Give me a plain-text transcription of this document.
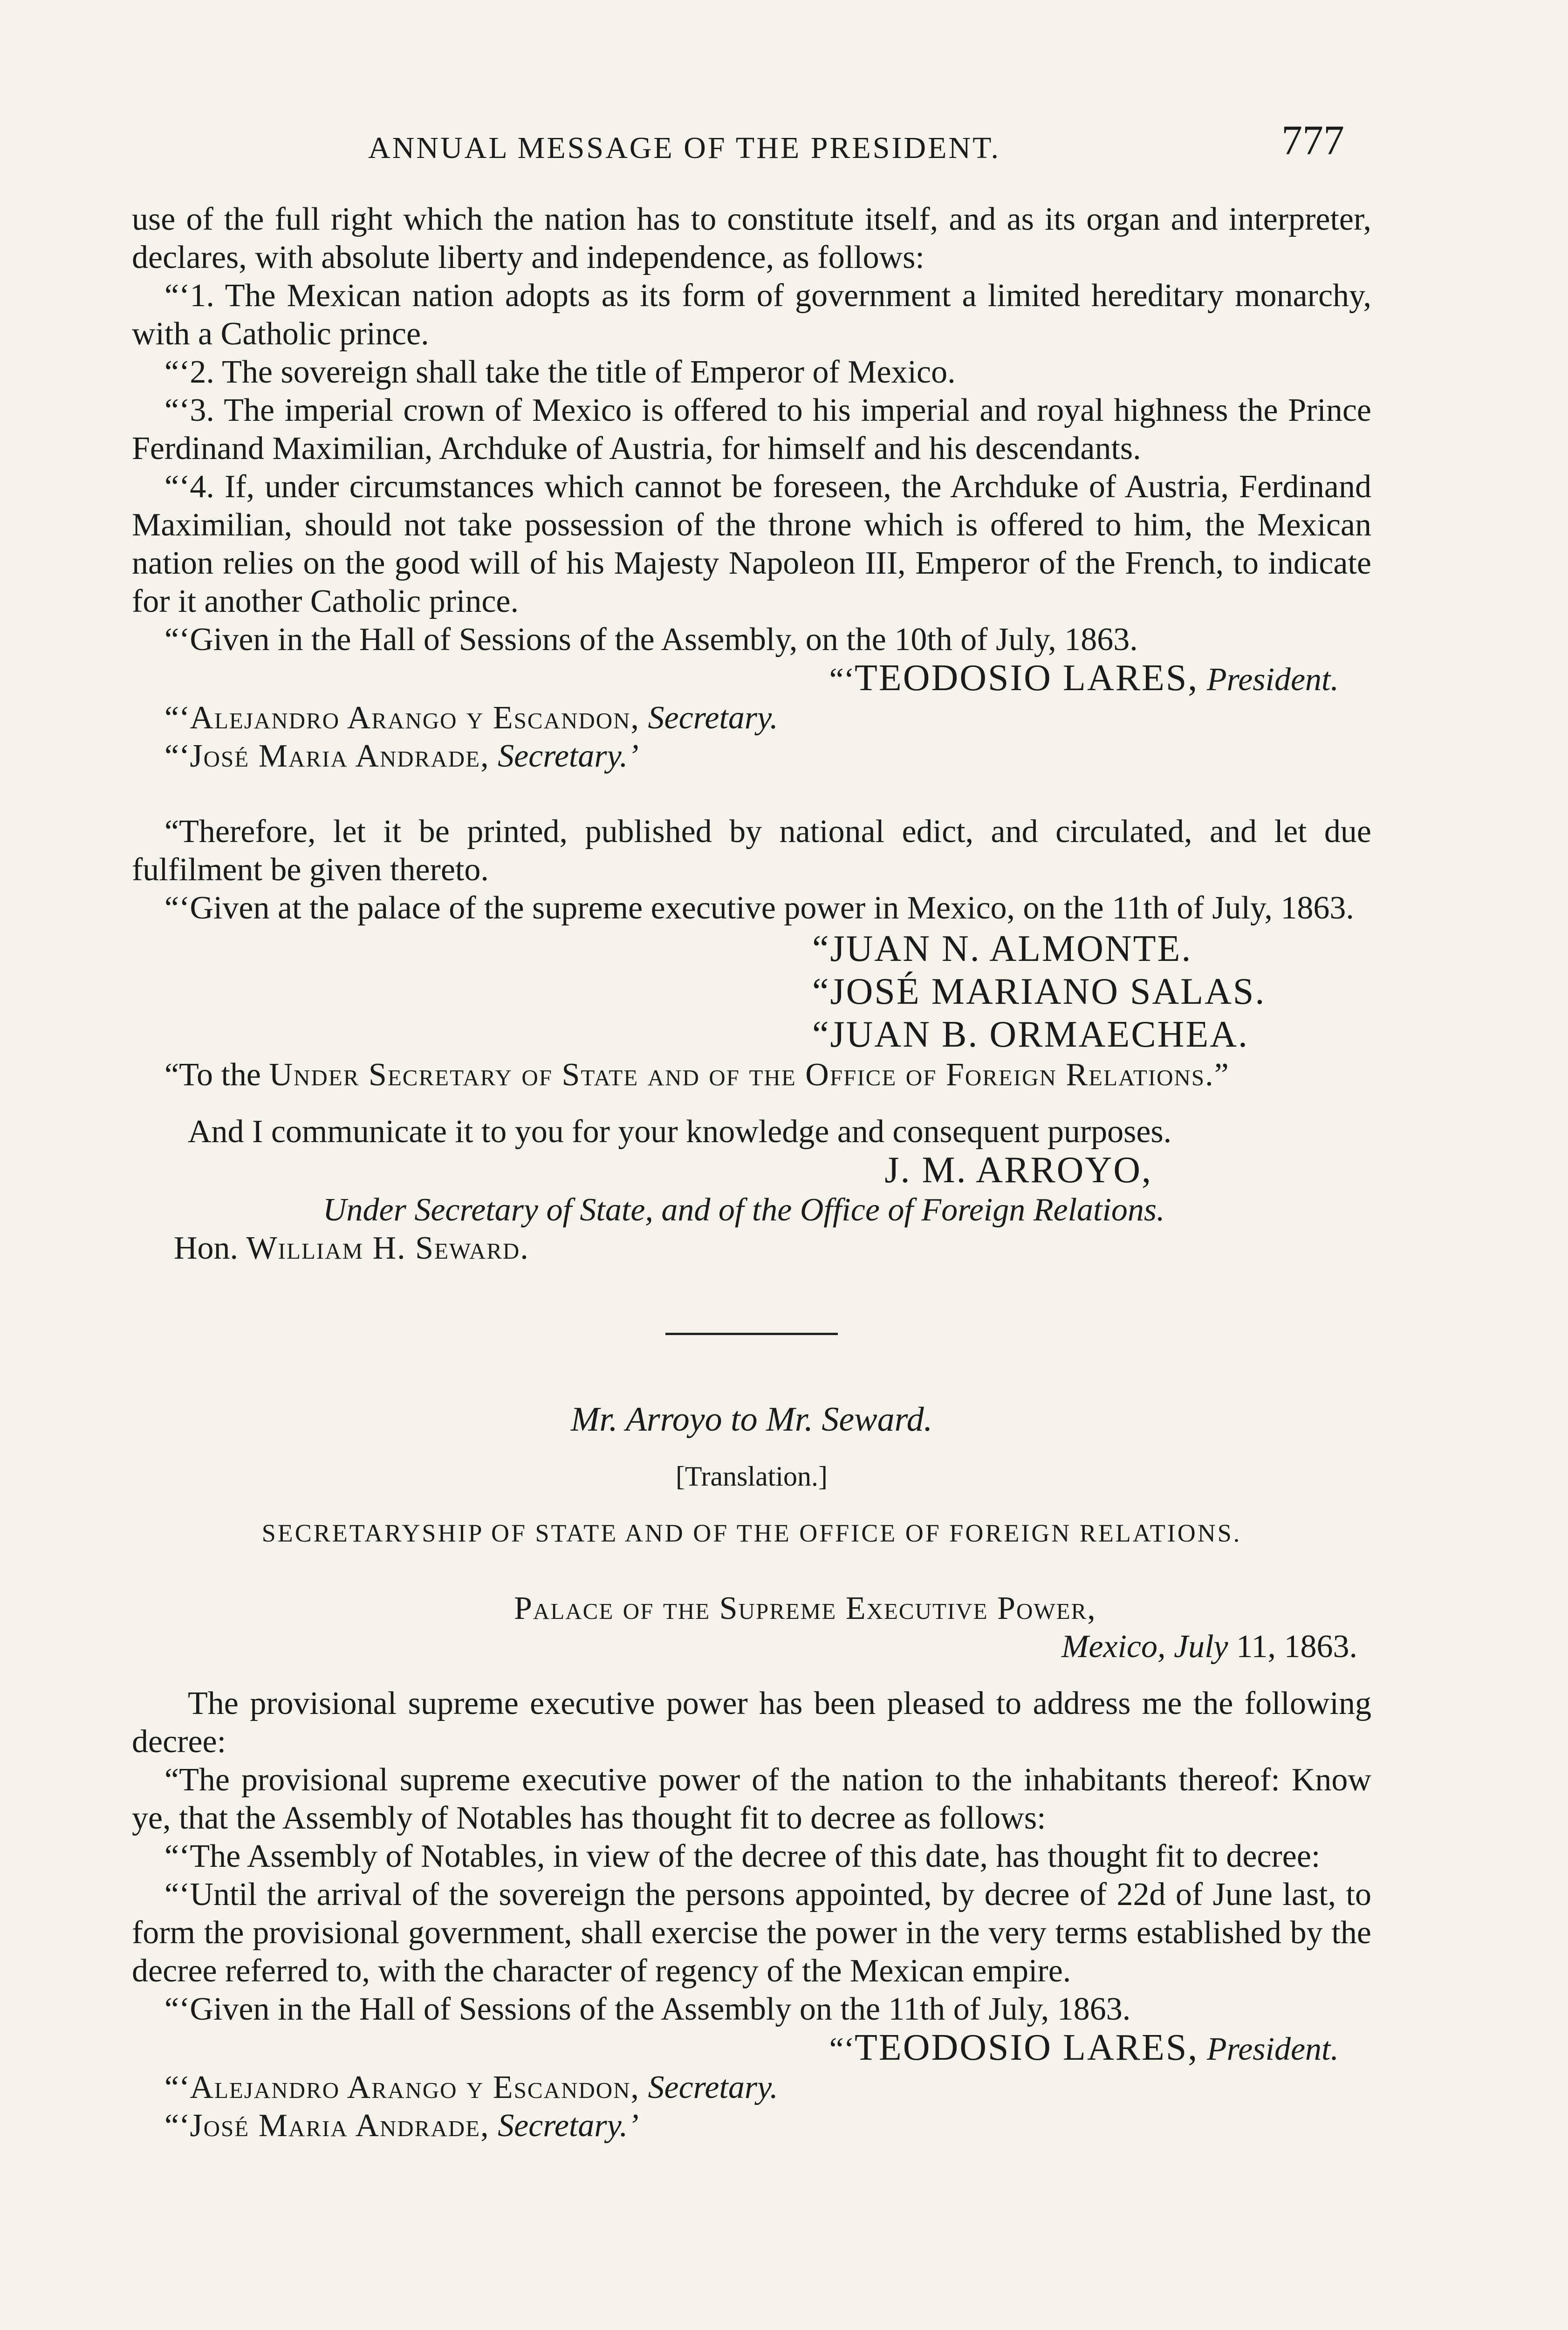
ANNUAL MESSAGE OF THE PRESIDENT.	777

use of the full right which the nation has to constitute itself, and as its organ and interpreter, declares, with absolute liberty and independence, as follows:

“‘1. The Mexican nation adopts as its form of government a limited hereditary monarchy, with a Catholic prince.

“‘2. The sovereign shall take the title of Emperor of Mexico.

“‘3. The imperial crown of Mexico is offered to his imperial and royal highness the Prince Ferdinand Maximilian, Archduke of Austria, for himself and his descendants.

“‘4. If, under circumstances which cannot be foreseen, the Archduke of Austria, Ferdinand Maximilian, should not take possession of the throne which is offered to him, the Mexican nation relies on the good will of his Majesty Napoleon III, Emperor of the French, to indicate for it another Catholic prince.

“‘Given in the Hall of Sessions of the Assembly, on the 10th of July, 1863.

“‘TEODOSIO LARES, President.

“‘Alejandro Arango y Escandon, Secretary.

“‘José Maria Andrade, Secretary.’

“Therefore, let it be printed, published by national edict, and circulated, and let due fulfilment be given thereto.

“‘Given at the palace of the supreme executive power in Mexico, on the 11th of July, 1863.

“JUAN N. ALMONTE.
“JOSÉ MARIANO SALAS.
“JUAN B. ORMAECHEA.

“To the Under Secretary of State and of the Office of Foreign Relations.”

And I communicate it to you for your knowledge and consequent purposes.

J. M. ARROYO,

Under Secretary of State, and of the Office of Foreign Relations.

Hon. William H. Seward.

Mr. Arroyo to Mr. Seward.

[Translation.]

SECRETARYSHIP OF STATE AND OF THE OFFICE OF FOREIGN RELATIONS.

Palace of the Supreme Executive Power,

Mexico, July 11, 1863.

The provisional supreme executive power has been pleased to address me the following decree:

“The provisional supreme executive power of the nation to the inhabitants thereof: Know ye, that the Assembly of Notables has thought fit to decree as follows:

“‘The Assembly of Notables, in view of the decree of this date, has thought fit to decree:

“‘Until the arrival of the sovereign the persons appointed, by decree of 22d of June last, to form the provisional government, shall exercise the power in the very terms established by the decree referred to, with the character of regency of the Mexican empire.

“‘Given in the Hall of Sessions of the Assembly on the 11th of July, 1863.

“‘TEODOSIO LARES, President.

“‘Alejandro Arango y Escandon, Secretary.

“‘José Maria Andrade, Secretary.’
